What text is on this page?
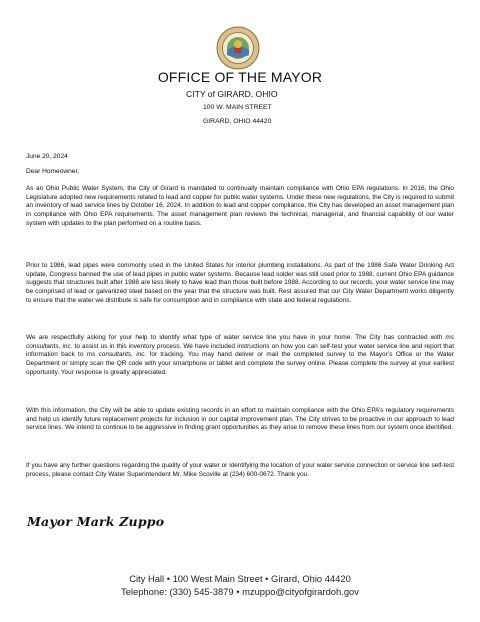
OFFICE OF THE MAYOR
CITY of GIRARD, OHIO
100 W. MAIN STREET
GIRARD, OHIO 44420
June 20, 2024
Dear Homeowner,
As an Ohio Public Water System, the City of Girard is mandated to continually maintain compliance with Ohio EPA regulations. In 2016, the Ohio Legislature adopted new requirements related to lead and copper for public water systems. Under these new regulations, the City is required to submit an inventory of lead service lines by October 16, 2024. In addition to lead and copper compliance, the City has developed an asset management plan in compliance with Ohio EPA requirements. The asset management plan reviews the technical, managerial, and financial capability of our water system with updates to the plan performed on a routine basis.
Prior to 1986, lead pipes were commonly used in the United States for interior plumbing installations. As part of the 1986 Safe Water Drinking Act update, Congress banned the use of lead pipes in public water systems. Because lead solder was still used prior to 1988, current Ohio EPA guidance suggests that structures built after 1988 are less likely to have lead than those built before 1988. According to our records, your water service line may be comprised of lead or galvanized steel based on the year that the structure was built. Rest assured that our City Water Department works diligently to ensure that the water we distribute is safe for consumption and in compliance with state and federal regulations.
We are respectfully asking for your help to identify what type of water service line you have in your home. The City has contracted with ms consultants, inc. to assist us in this inventory process. We have included instructions on how you can self-test your water service line and report that information back to ms consultants, inc. for tracking. You may hand deliver or mail the completed survey to the Mayor’s Office or the Water Department or simply scan the QR code with your smartphone or tablet and complete the survey online. Please complete the survey at your earliest opportunity. Your response is greatly appreciated.
With this information, the City will be able to update existing records in an effort to maintain compliance with the Ohio EPA’s regulatory requirements and help us identify future replacement projects for inclusion in our capital improvement plan. The City strives to be proactive in our approach to lead service lines. We intend to continue to be aggressive in finding grant opportunities as they arise to remove these lines from our system once identified.
If you have any further questions regarding the quality of your water or identifying the location of your water service connection or service line self-test process, please contact City Water Superintendent Mr. Mike Scoville at (234) 600-0672. Thank you.
Mayor Mark Zuppo
City Hall • 100 West Main Street • Girard, Ohio 44420
Telephone: (330) 545-3879 • mzuppo@cityofgirardoh.gov
